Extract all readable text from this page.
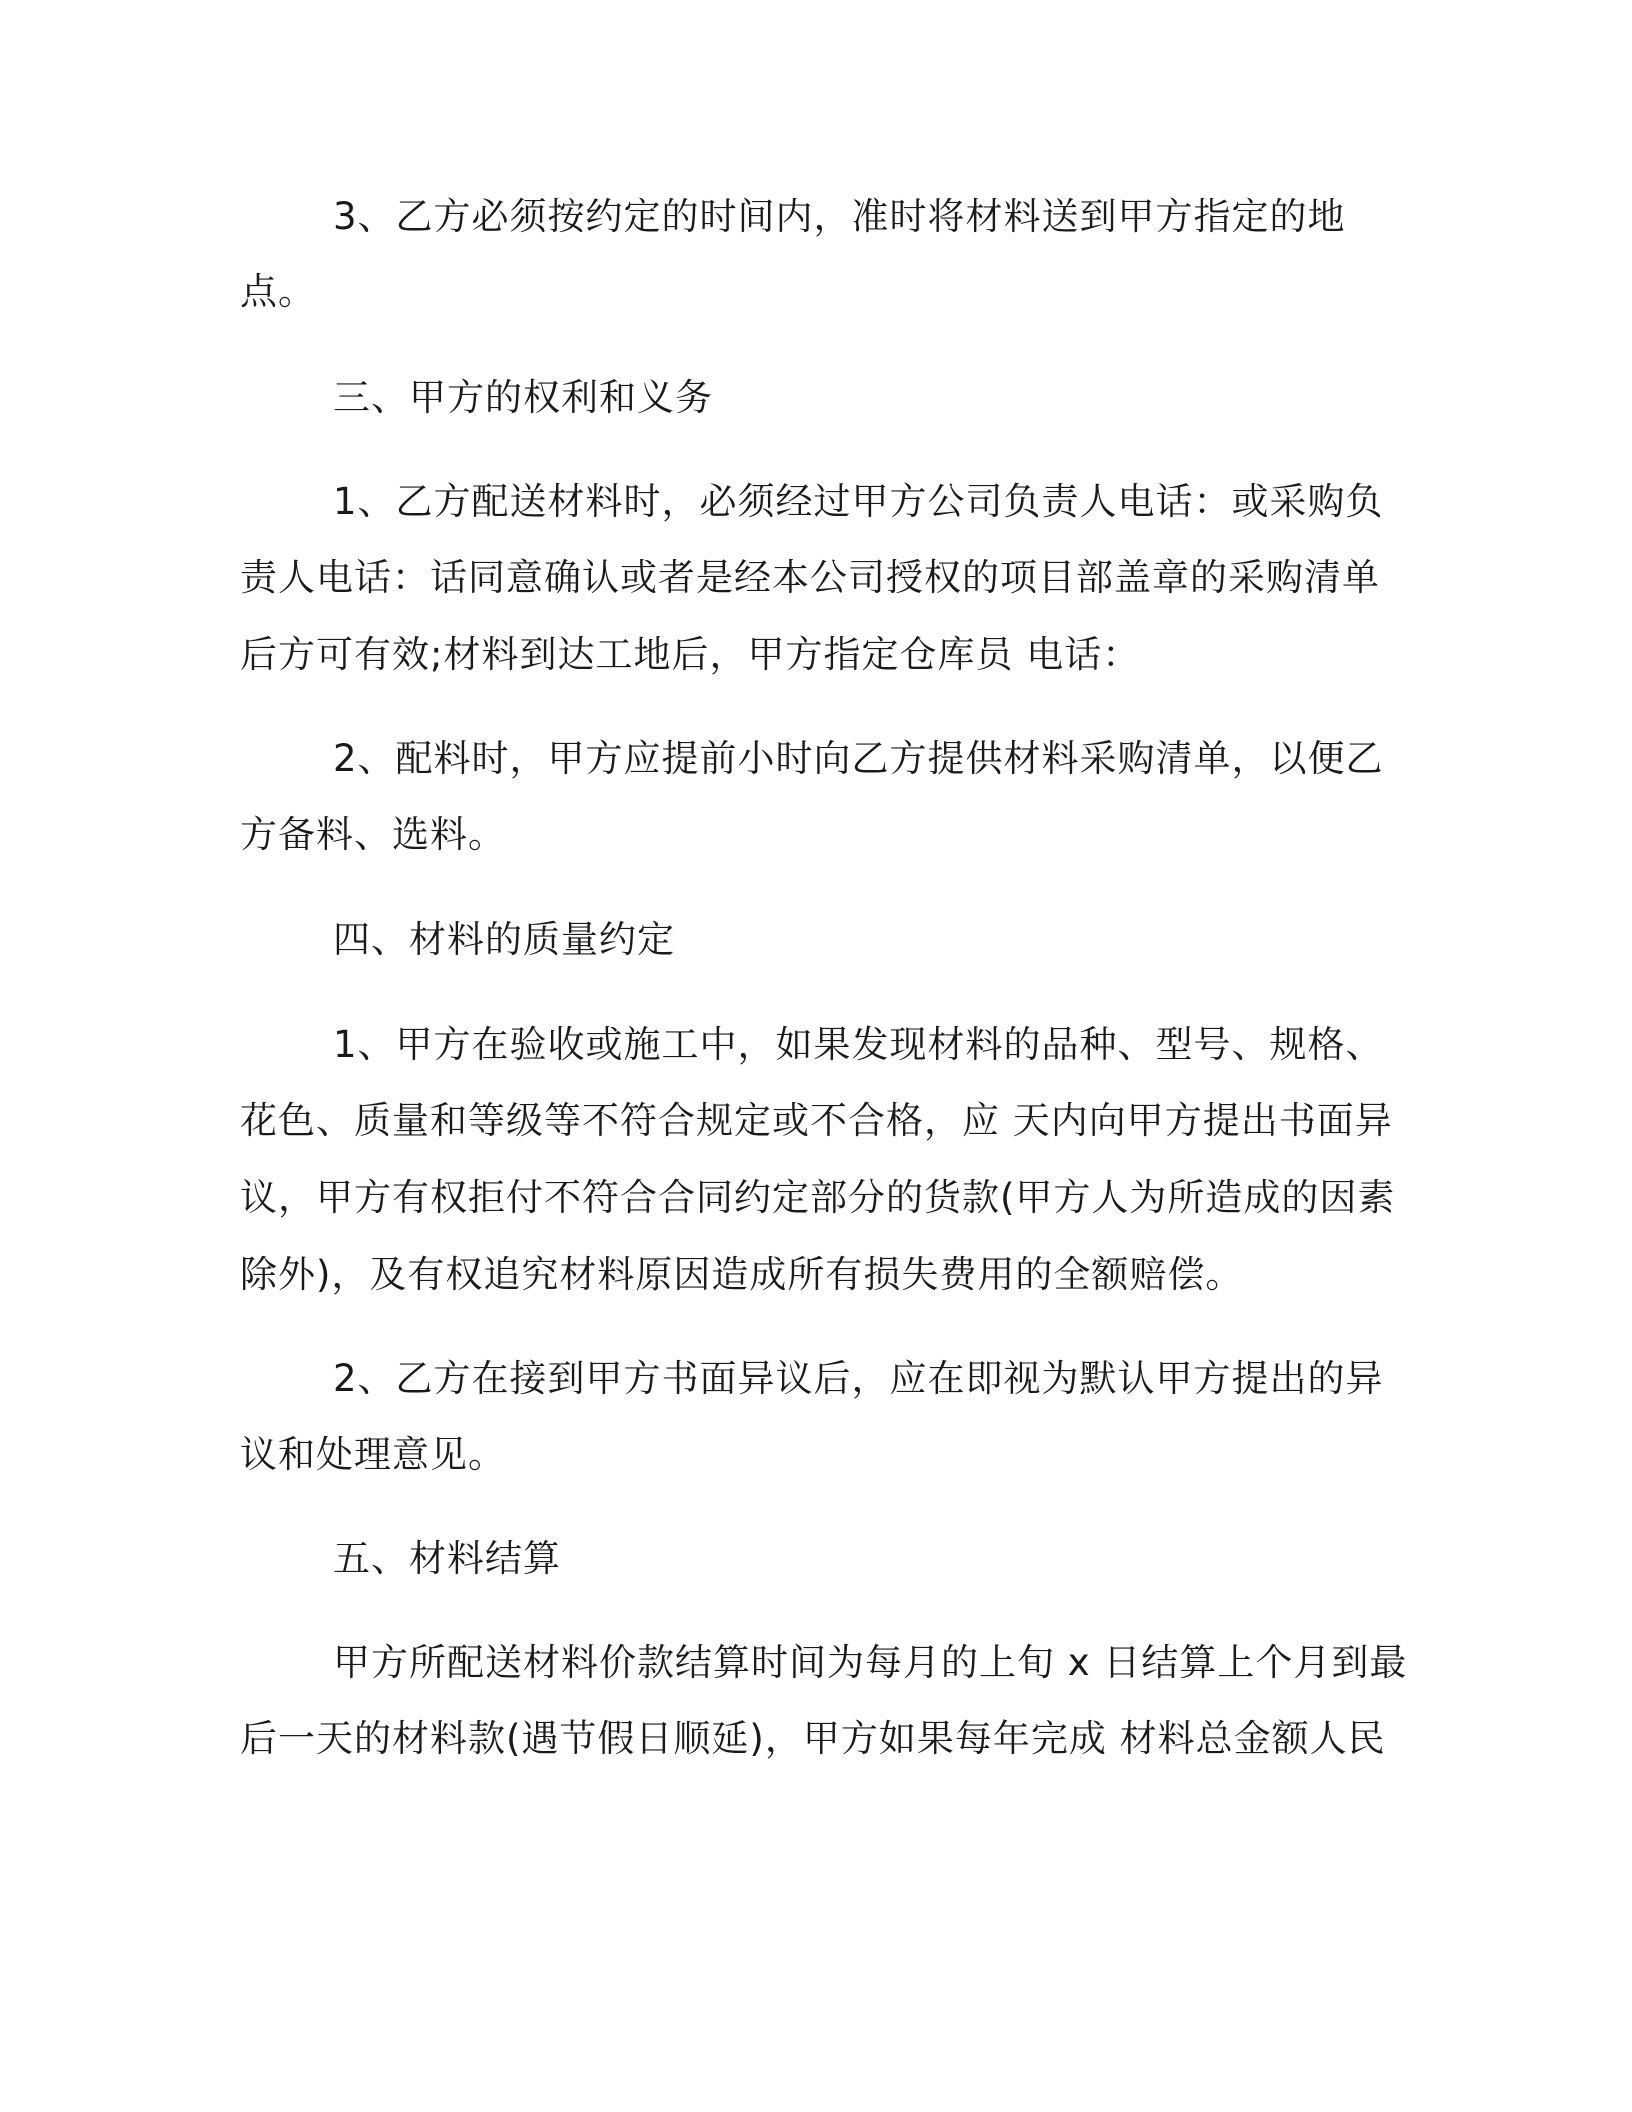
3、乙方必须按约定的时间内，准时将材料送到甲方指定的地
点。
三、甲方的权利和义务
1、乙方配送材料时，必须经过甲方公司负责人电话：或采购负
责人电话：话同意确认或者是经本公司授权的项目部盖章的采购清单
后方可有效;材料到达工地后，甲方指定仓库员 电话：
2、配料时，甲方应提前小时向乙方提供材料采购清单，以便乙
方备料、选料。
四、材料的质量约定
1、甲方在验收或施工中，如果发现材料的品种、型号、规格、
花色、质量和等级等不符合规定或不合格，应 天内向甲方提出书面异
议，甲方有权拒付不符合合同约定部分的货款(甲方人为所造成的因素
除外)，及有权追究材料原因造成所有损失费用的全额赔偿。
2、乙方在接到甲方书面异议后，应在即视为默认甲方提出的异
议和处理意见。
五、材料结算
甲方所配送材料价款结算时间为每月的上旬 x 日结算上个月到最
后一天的材料款(遇节假日顺延)，甲方如果每年完成 材料总金额人民
